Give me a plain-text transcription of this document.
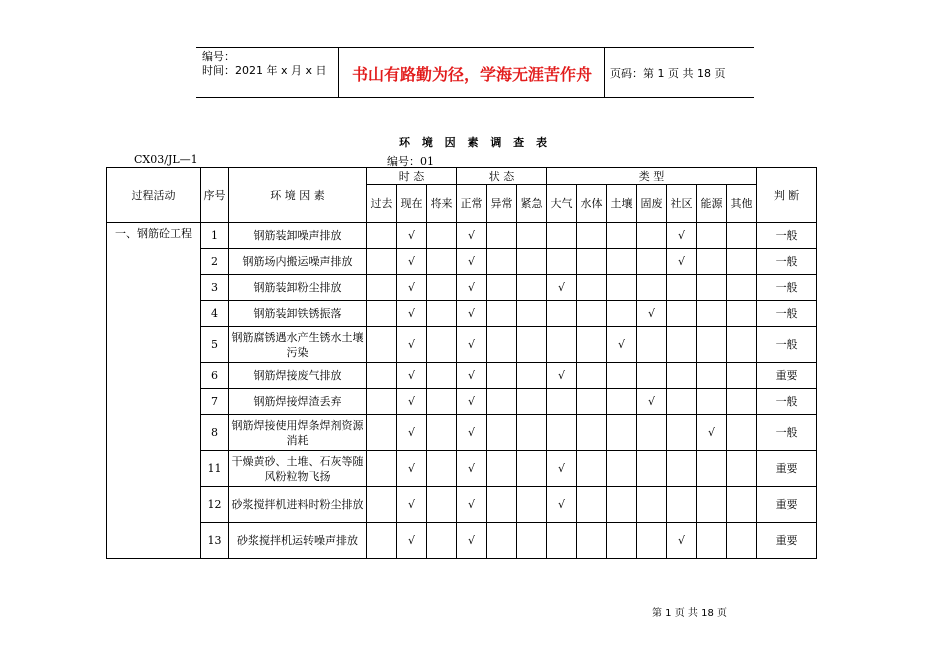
编号：
时间：2021 年 x 月 x 日	书山有路勤为径，学海无涯苦作舟	页码：第 1 页 共 18 页
环 境 因 素 调 查 表
CX03/JL—1	编号：01
过程活动	序号	环 境 因 素	时 态			状 态			类 型							判 断
			过去	现在	将来	正常	异常	紧急	大气	水体	土壤	固废	社区	能源	其他	
一、钢筋砼工程	1	钢筋装卸噪声排放		√		√							√			一般
	2	钢筋场内搬运噪声排放		√		√							√			一般
	3	钢筋装卸粉尘排放		√		√			√							一般
	4	钢筋装卸铁锈振落		√		√						√				一般
	5	钢筋腐锈遇水产生锈水土壤污染		√		√					√					一般
	6	钢筋焊接废气排放		√		√			√							重要
	7	钢筋焊接焊渣丢弃		√		√						√				一般
	8	钢筋焊接使用焊条焊剂资源消耗		√		√								√		一般
	11	干燥黄砂、土堆、石灰等随风粉粒物飞扬		√		√			√							重要
	12	砂浆搅拌机进料时粉尘排放		√		√			√							重要
	13	砂浆搅拌机运转噪声排放		√		√							√			重要
第 1 页 共 18 页
